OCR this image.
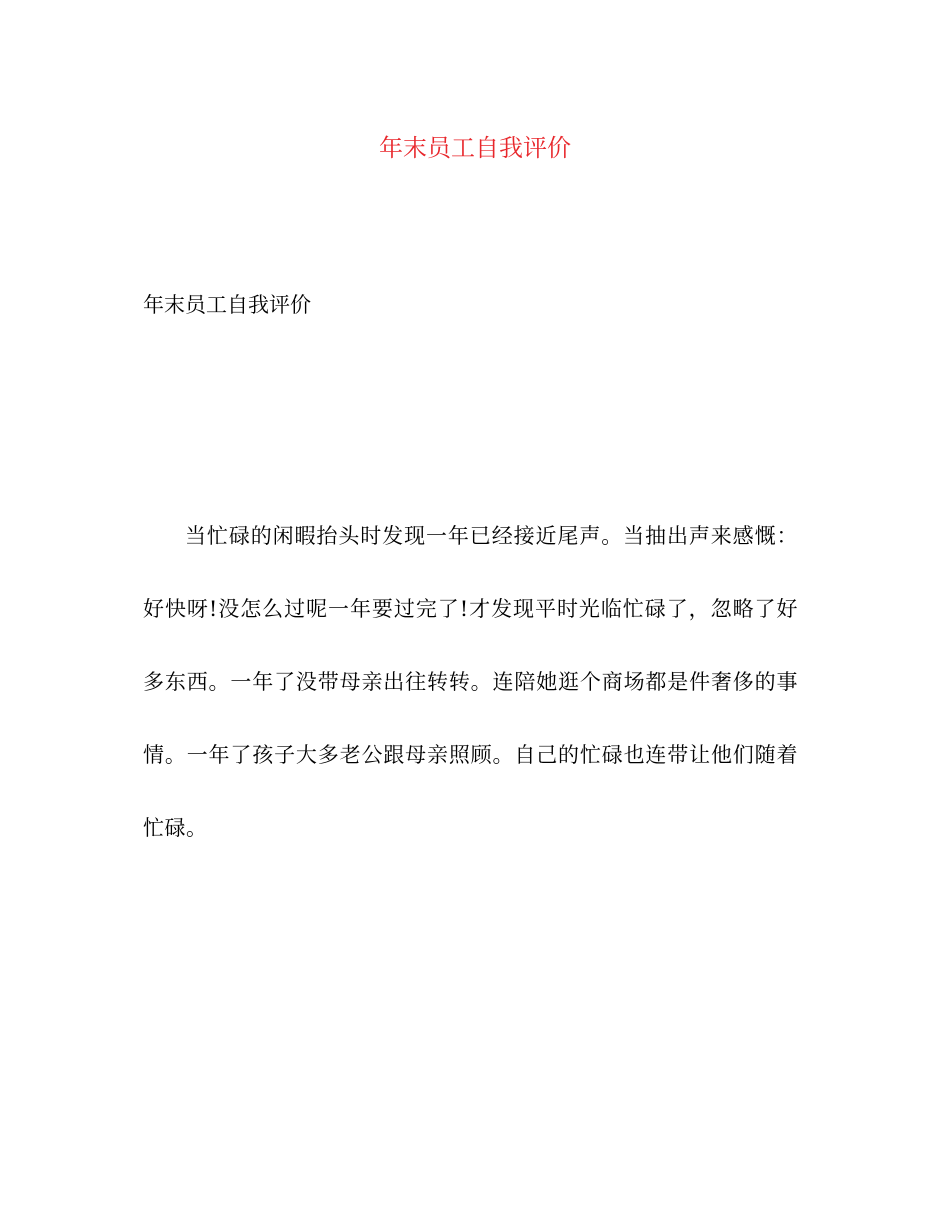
年末员工自我评价

年末员工自我评价

当忙碌的闲暇抬头时发现一年已经接近尾声。当抽出声来感慨：好快呀!没怎么过呢一年要过完了!才发现平时光临忙碌了，忽略了好多东西。一年了没带母亲出往转转。连陪她逛个商场都是件奢侈的事情。一年了孩子大多老公跟母亲照顾。自己的忙碌也连带让他们随着忙碌。
